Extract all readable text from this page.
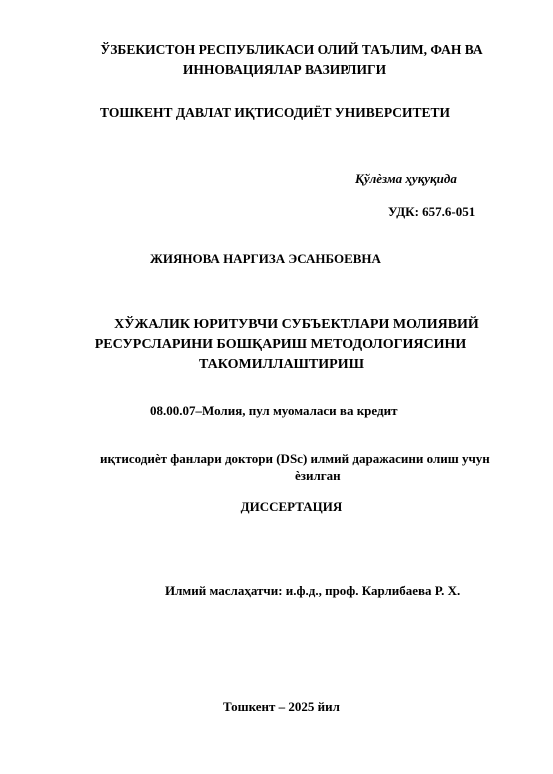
ЎЗБЕКИСТОН РЕСПУБЛИКАСИ ОЛИЙ ТАЪЛИМ, ФАН ВА
ИННОВАЦИЯЛАР ВАЗИРЛИГИ
ТОШКЕНТ ДАВЛАТ ИҚТИСОДИЁТ УНИВЕРСИТЕТИ
Қўлѐзма ҳуқуқида
УДК: 657.6-051
ЖИЯНОВА НАРГИЗА ЭСАНБОЕВНА
ХЎЖАЛИК ЮРИТУВЧИ СУБЪЕКТЛАРИ МОЛИЯВИЙ
РЕСУРСЛАРИНИ БОШҚАРИШ МЕТОДОЛОГИЯСИНИ
ТАКОМИЛЛАШТИРИШ
08.00.07–Молия, пул муомаласи ва кредит
иқтисодиѐт фанлари доктори (DSc) илмий даражасини олиш учун
ѐзилган
ДИССЕРТАЦИЯ
Илмий маслаҳатчи: и.ф.д., проф. Карлибаева Р. Х.
Тошкент – 2025 йил
